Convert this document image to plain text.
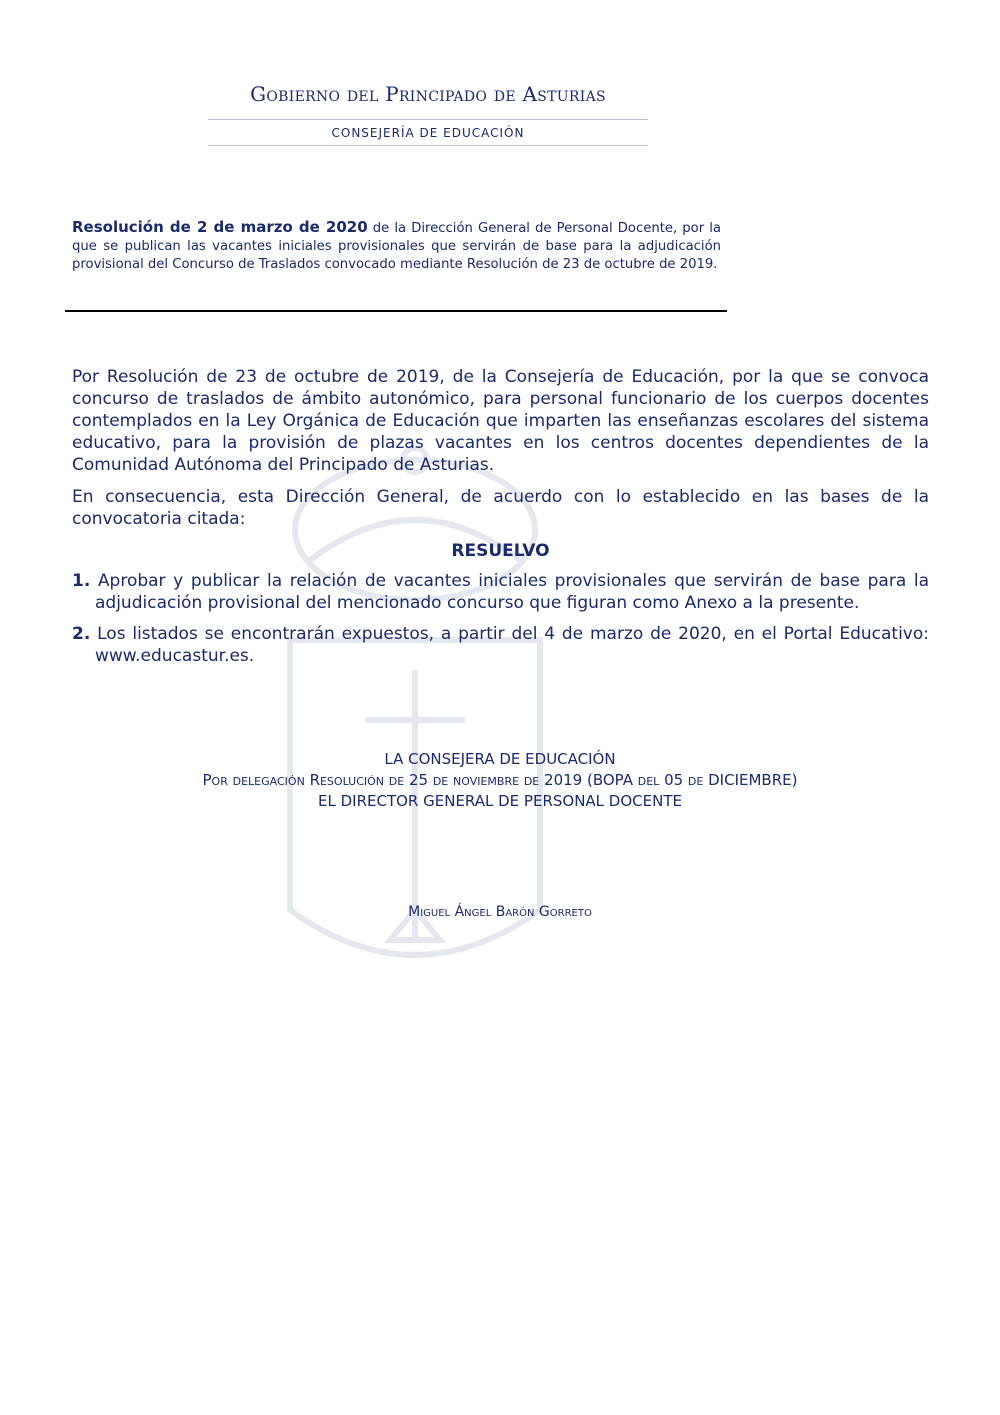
Gobierno del Principado de Asturias
CONSEJERÍA DE EDUCACIÓN
Resolución de 2 de marzo de 2020 de la Dirección General de Personal Docente, por la que se publican las vacantes iniciales provisionales que servirán de base para la adjudicación provisional del Concurso de Traslados convocado mediante Resolución de 23 de octubre de 2019.

Por Resolución de 23 de octubre de 2019, de la Consejería de Educación, por la que se convoca concurso de traslados de ámbito autonómico, para personal funcionario de los cuerpos docentes contemplados en la Ley Orgánica de Educación que imparten las enseñanzas escolares del sistema educativo, para la provisión de plazas vacantes en los centros docentes dependientes de la Comunidad Autónoma del Principado de Asturias.

En consecuencia, esta Dirección General, de acuerdo con lo establecido en las bases de la convocatoria citada:

RESUELVO

1. Aprobar y publicar la relación de vacantes iniciales provisionales que servirán de base para la adjudicación provisional del mencionado concurso que figuran como Anexo a la presente.

2. Los listados se encontrarán expuestos, a partir del 4 de marzo de 2020, en el Portal Educativo: www.educastur.es.

LA CONSEJERA DE EDUCACIÓN
Por delegación Resolución de 25 de noviembre de 2019 (BOPA del 05 de DICIEMBRE)
EL DIRECTOR GENERAL DE PERSONAL DOCENTE
Miguel Ángel Barón Gorreto
